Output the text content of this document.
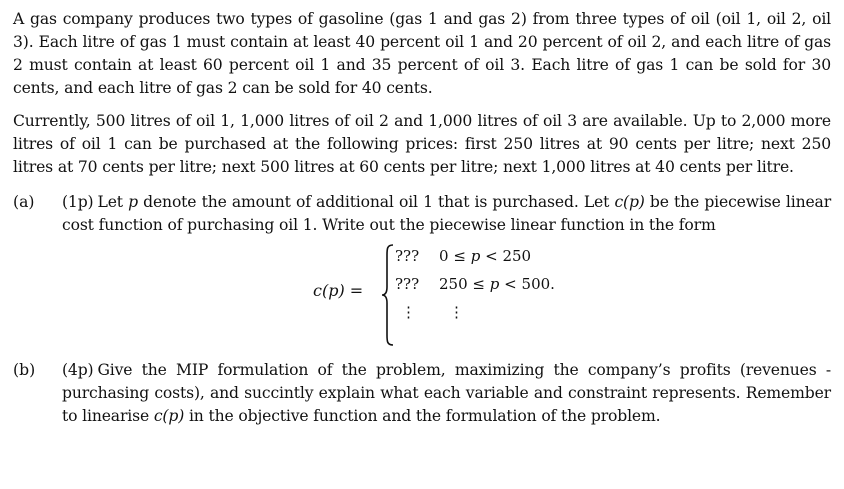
A gas company produces two types of gasoline (gas 1 and gas 2) from three types of oil (oil 1, oil 2, oil 3). Each litre of gas 1 must contain at least 40 percent oil 1 and 20 percent of oil 2, and each litre of gas 2 must contain at least 60 percent oil 1 and 35 percent of oil 3. Each litre of gas 1 can be sold for 30 cents, and each litre of gas 2 can be sold for 40 cents.

Currently, 500 litres of oil 1, 1,000 litres of oil 2 and 1,000 litres of oil 3 are available. Up to 2,000 more litres of oil 1 can be purchased at the following prices: first 250 litres at 90 cents per litre; next 250 litres at 70 cents per litre; next 500 litres at 60 cents per litre; next 1,000 litres at 40 cents per litre.

(a)	(1p) Let p denote the amount of additional oil 1 that is purchased. Let c(p) be the piecewise linear cost function of purchasing oil 1. Write out the piecewise linear function in the form
c(p) =
??? 0 ≤ p < 250
??? 250 ≤ p < 500.
⋮ ⋮
(b)	(4p) Give the MIP formulation of the problem, maximizing the company’s profits (revenues - purchasing costs), and succintly explain what each variable and constraint represents. Remember to linearise c(p) in the objective function and the formulation of the problem.
